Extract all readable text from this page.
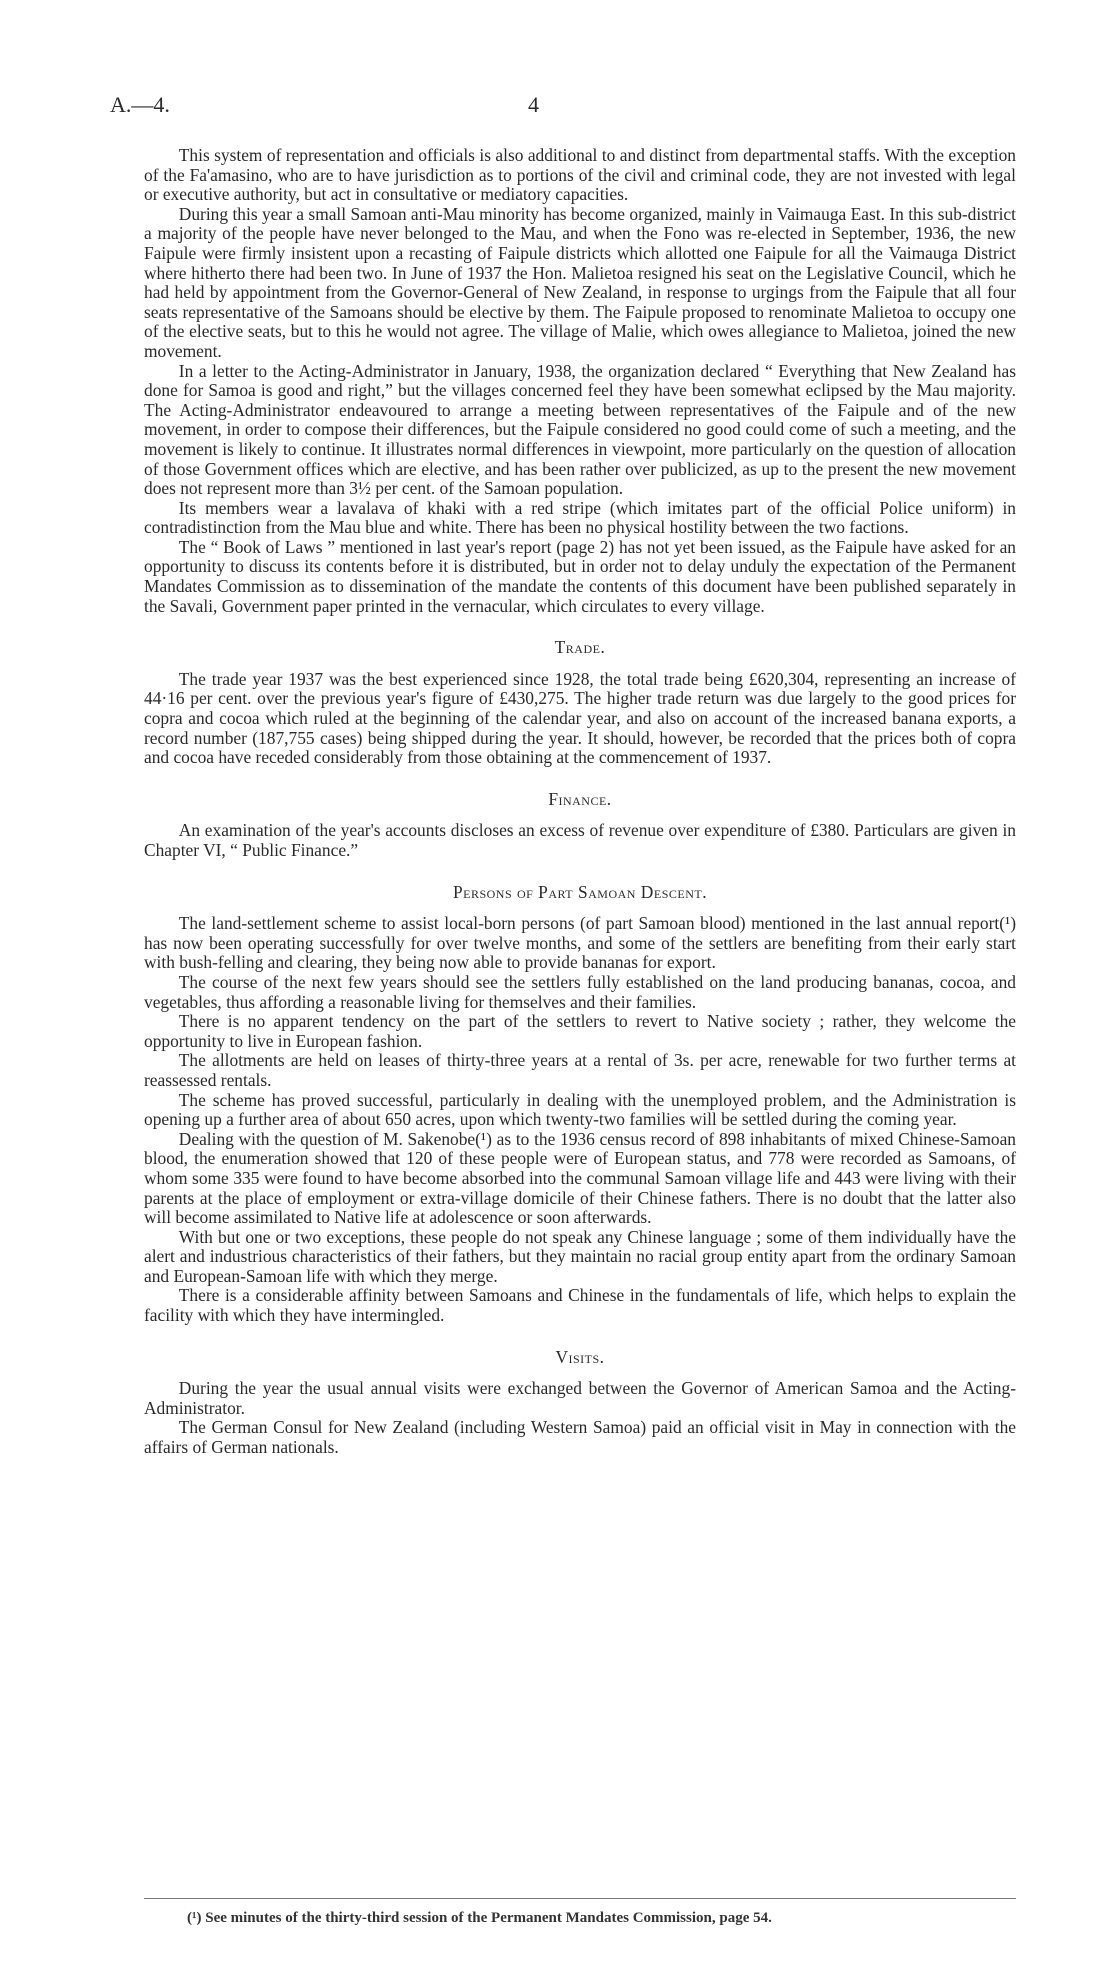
A.—4.	4

This system of representation and officials is also additional to and distinct from departmental staffs. With the exception of the Fa'amasino, who are to have jurisdiction as to portions of the civil and criminal code, they are not invested with legal or executive authority, but act in consultative or mediatory capacities.

During this year a small Samoan anti-Mau minority has become organized, mainly in Vaimauga East. In this sub-district a majority of the people have never belonged to the Mau, and when the Fono was re-elected in September, 1936, the new Faipule were firmly insistent upon a recasting of Faipule districts which allotted one Faipule for all the Vaimauga District where hitherto there had been two. In June of 1937 the Hon. Malietoa resigned his seat on the Legislative Council, which he had held by appointment from the Governor-General of New Zealand, in response to urgings from the Faipule that all four seats representative of the Samoans should be elective by them. The Faipule proposed to renominate Malietoa to occupy one of the elective seats, but to this he would not agree. The village of Malie, which owes allegiance to Malietoa, joined the new movement.

In a letter to the Acting-Administrator in January, 1938, the organization declared “ Everything that New Zealand has done for Samoa is good and right,” but the villages concerned feel they have been somewhat eclipsed by the Mau majority. The Acting-Administrator endeavoured to arrange a meeting between representatives of the Faipule and of the new movement, in order to compose their differences, but the Faipule considered no good could come of such a meeting, and the movement is likely to continue. It illustrates normal differences in viewpoint, more particularly on the question of allocation of those Government offices which are elective, and has been rather over publicized, as up to the present the new movement does not represent more than 3½ per cent. of the Samoan population.

Its members wear a lavalava of khaki with a red stripe (which imitates part of the official Police uniform) in contradistinction from the Mau blue and white. There has been no physical hostility between the two factions.

The “ Book of Laws ” mentioned in last year's report (page 2) has not yet been issued, as the Faipule have asked for an opportunity to discuss its contents before it is distributed, but in order not to delay unduly the expectation of the Permanent Mandates Commission as to dissemination of the mandate the contents of this document have been published separately in the Savali, Government paper printed in the vernacular, which circulates to every village.

Trade.

The trade year 1937 was the best experienced since 1928, the total trade being £620,304, representing an increase of 44·16 per cent. over the previous year's figure of £430,275. The higher trade return was due largely to the good prices for copra and cocoa which ruled at the beginning of the calendar year, and also on account of the increased banana exports, a record number (187,755 cases) being shipped during the year. It should, however, be recorded that the prices both of copra and cocoa have receded considerably from those obtaining at the commencement of 1937.

Finance.

An examination of the year's accounts discloses an excess of revenue over expenditure of £380. Particulars are given in Chapter VI, “ Public Finance.”

Persons of Part Samoan Descent.

The land-settlement scheme to assist local-born persons (of part Samoan blood) mentioned in the last annual report(¹) has now been operating successfully for over twelve months, and some of the settlers are benefiting from their early start with bush-felling and clearing, they being now able to provide bananas for export.

The course of the next few years should see the settlers fully established on the land producing bananas, cocoa, and vegetables, thus affording a reasonable living for themselves and their families.

There is no apparent tendency on the part of the settlers to revert to Native society ; rather, they welcome the opportunity to live in European fashion.

The allotments are held on leases of thirty-three years at a rental of 3s. per acre, renewable for two further terms at reassessed rentals.

The scheme has proved successful, particularly in dealing with the unemployed problem, and the Administration is opening up a further area of about 650 acres, upon which twenty-two families will be settled during the coming year.

Dealing with the question of M. Sakenobe(¹) as to the 1936 census record of 898 inhabitants of mixed Chinese-Samoan blood, the enumeration showed that 120 of these people were of European status, and 778 were recorded as Samoans, of whom some 335 were found to have become absorbed into the communal Samoan village life and 443 were living with their parents at the place of employment or extra-village domicile of their Chinese fathers. There is no doubt that the latter also will become assimilated to Native life at adolescence or soon afterwards.

With but one or two exceptions, these people do not speak any Chinese language ; some of them individually have the alert and industrious characteristics of their fathers, but they maintain no racial group entity apart from the ordinary Samoan and European-Samoan life with which they merge.

There is a considerable affinity between Samoans and Chinese in the fundamentals of life, which helps to explain the facility with which they have intermingled.

Visits.

During the year the usual annual visits were exchanged between the Governor of American Samoa and the Acting-Administrator.

The German Consul for New Zealand (including Western Samoa) paid an official visit in May in connection with the affairs of German nationals.

(¹) See minutes of the thirty-third session of the Permanent Mandates Commission, page 54.
